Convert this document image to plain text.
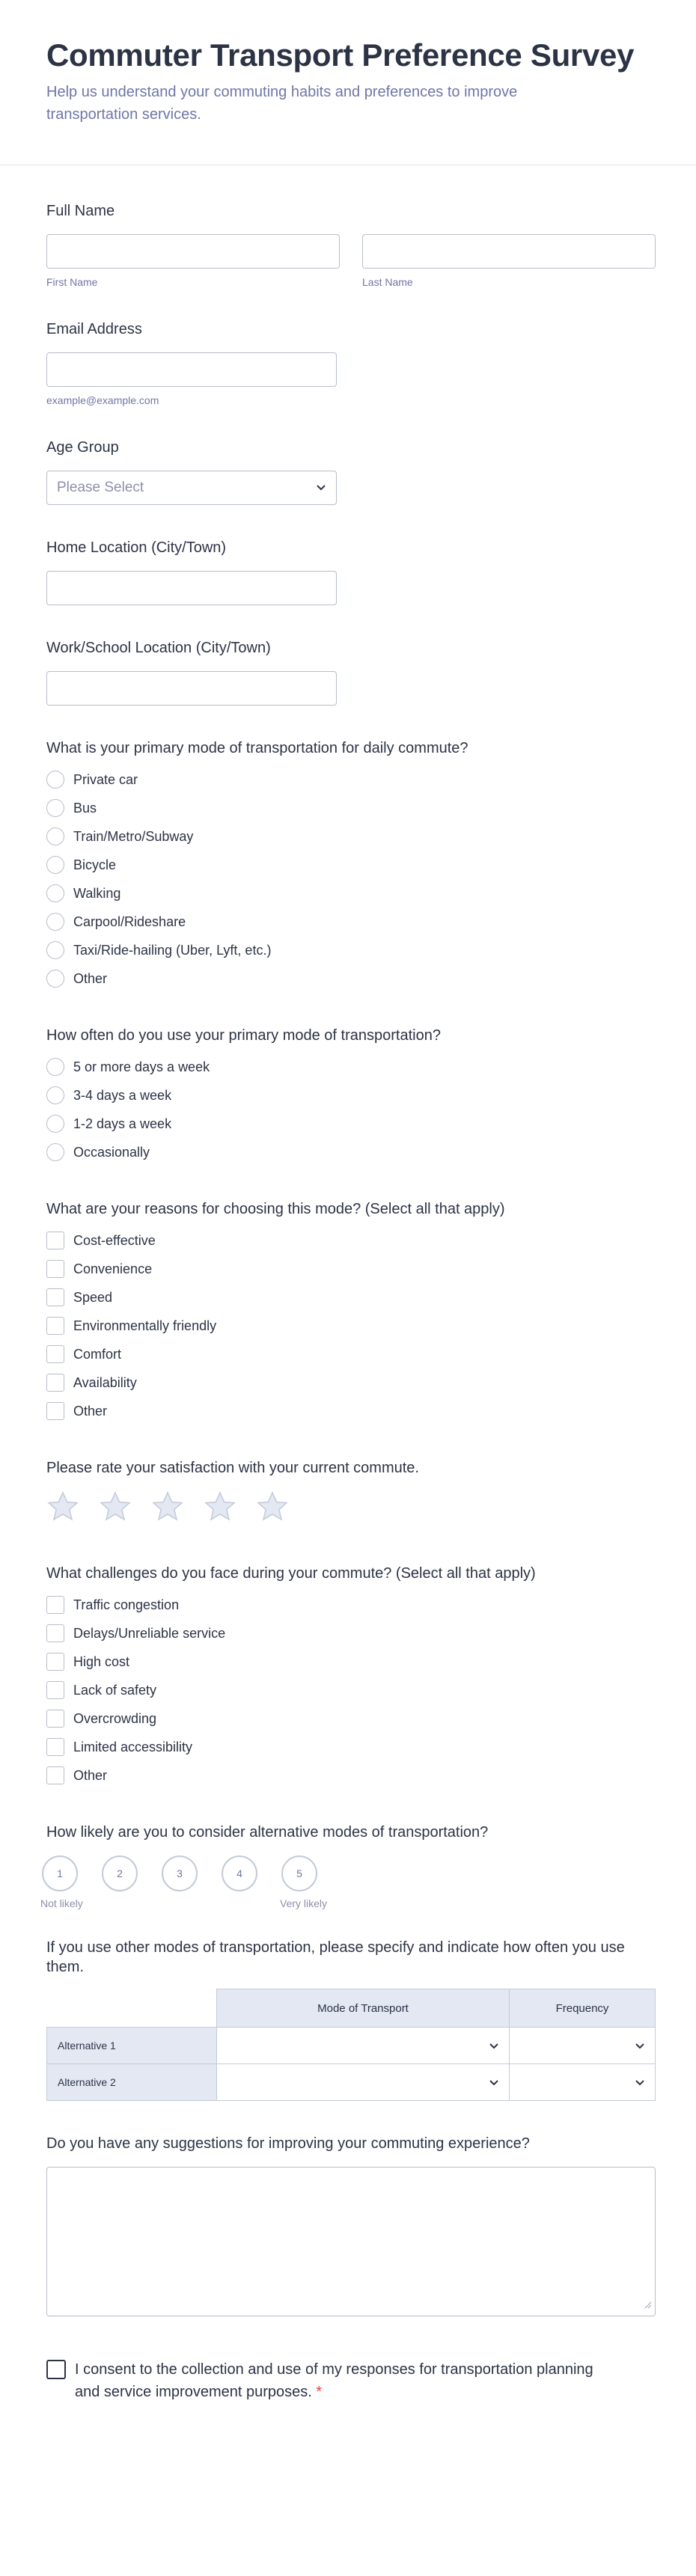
Commuter Transport Preference Survey
Help us understand your commuting habits and preferences to improve transportation services.
Full Name
First Name	Last Name
Email Address
example@example.com
Age Group
Please Select
Home Location (City/Town)
Work/School Location (City/Town)
What is your primary mode of transportation for daily commute?
Private car
Bus
Train/Metro/Subway
Bicycle
Walking
Carpool/Rideshare
Taxi/Ride-hailing (Uber, Lyft, etc.)
Other
How often do you use your primary mode of transportation?
5 or more days a week
3-4 days a week
1-2 days a week
Occasionally
What are your reasons for choosing this mode? (Select all that apply)
Cost-effective
Convenience
Speed
Environmentally friendly
Comfort
Availability
Other
Please rate your satisfaction with your current commute.
What challenges do you face during your commute? (Select all that apply)
Traffic congestion
Delays/Unreliable service
High cost
Lack of safety
Overcrowding
Limited accessibility
Other
How likely are you to consider alternative modes of transportation?
1
Not likely
2	3	4	5
Very likely
If you use other modes of transportation, please specify and indicate how often you use them.
	Mode of Transport	Frequency
Alternative 1	

Alternative 2	

Do you have any suggestions for improving your commuting experience?
I consent to the collection and use of my responses for transportation planning and service improvement purposes. *
